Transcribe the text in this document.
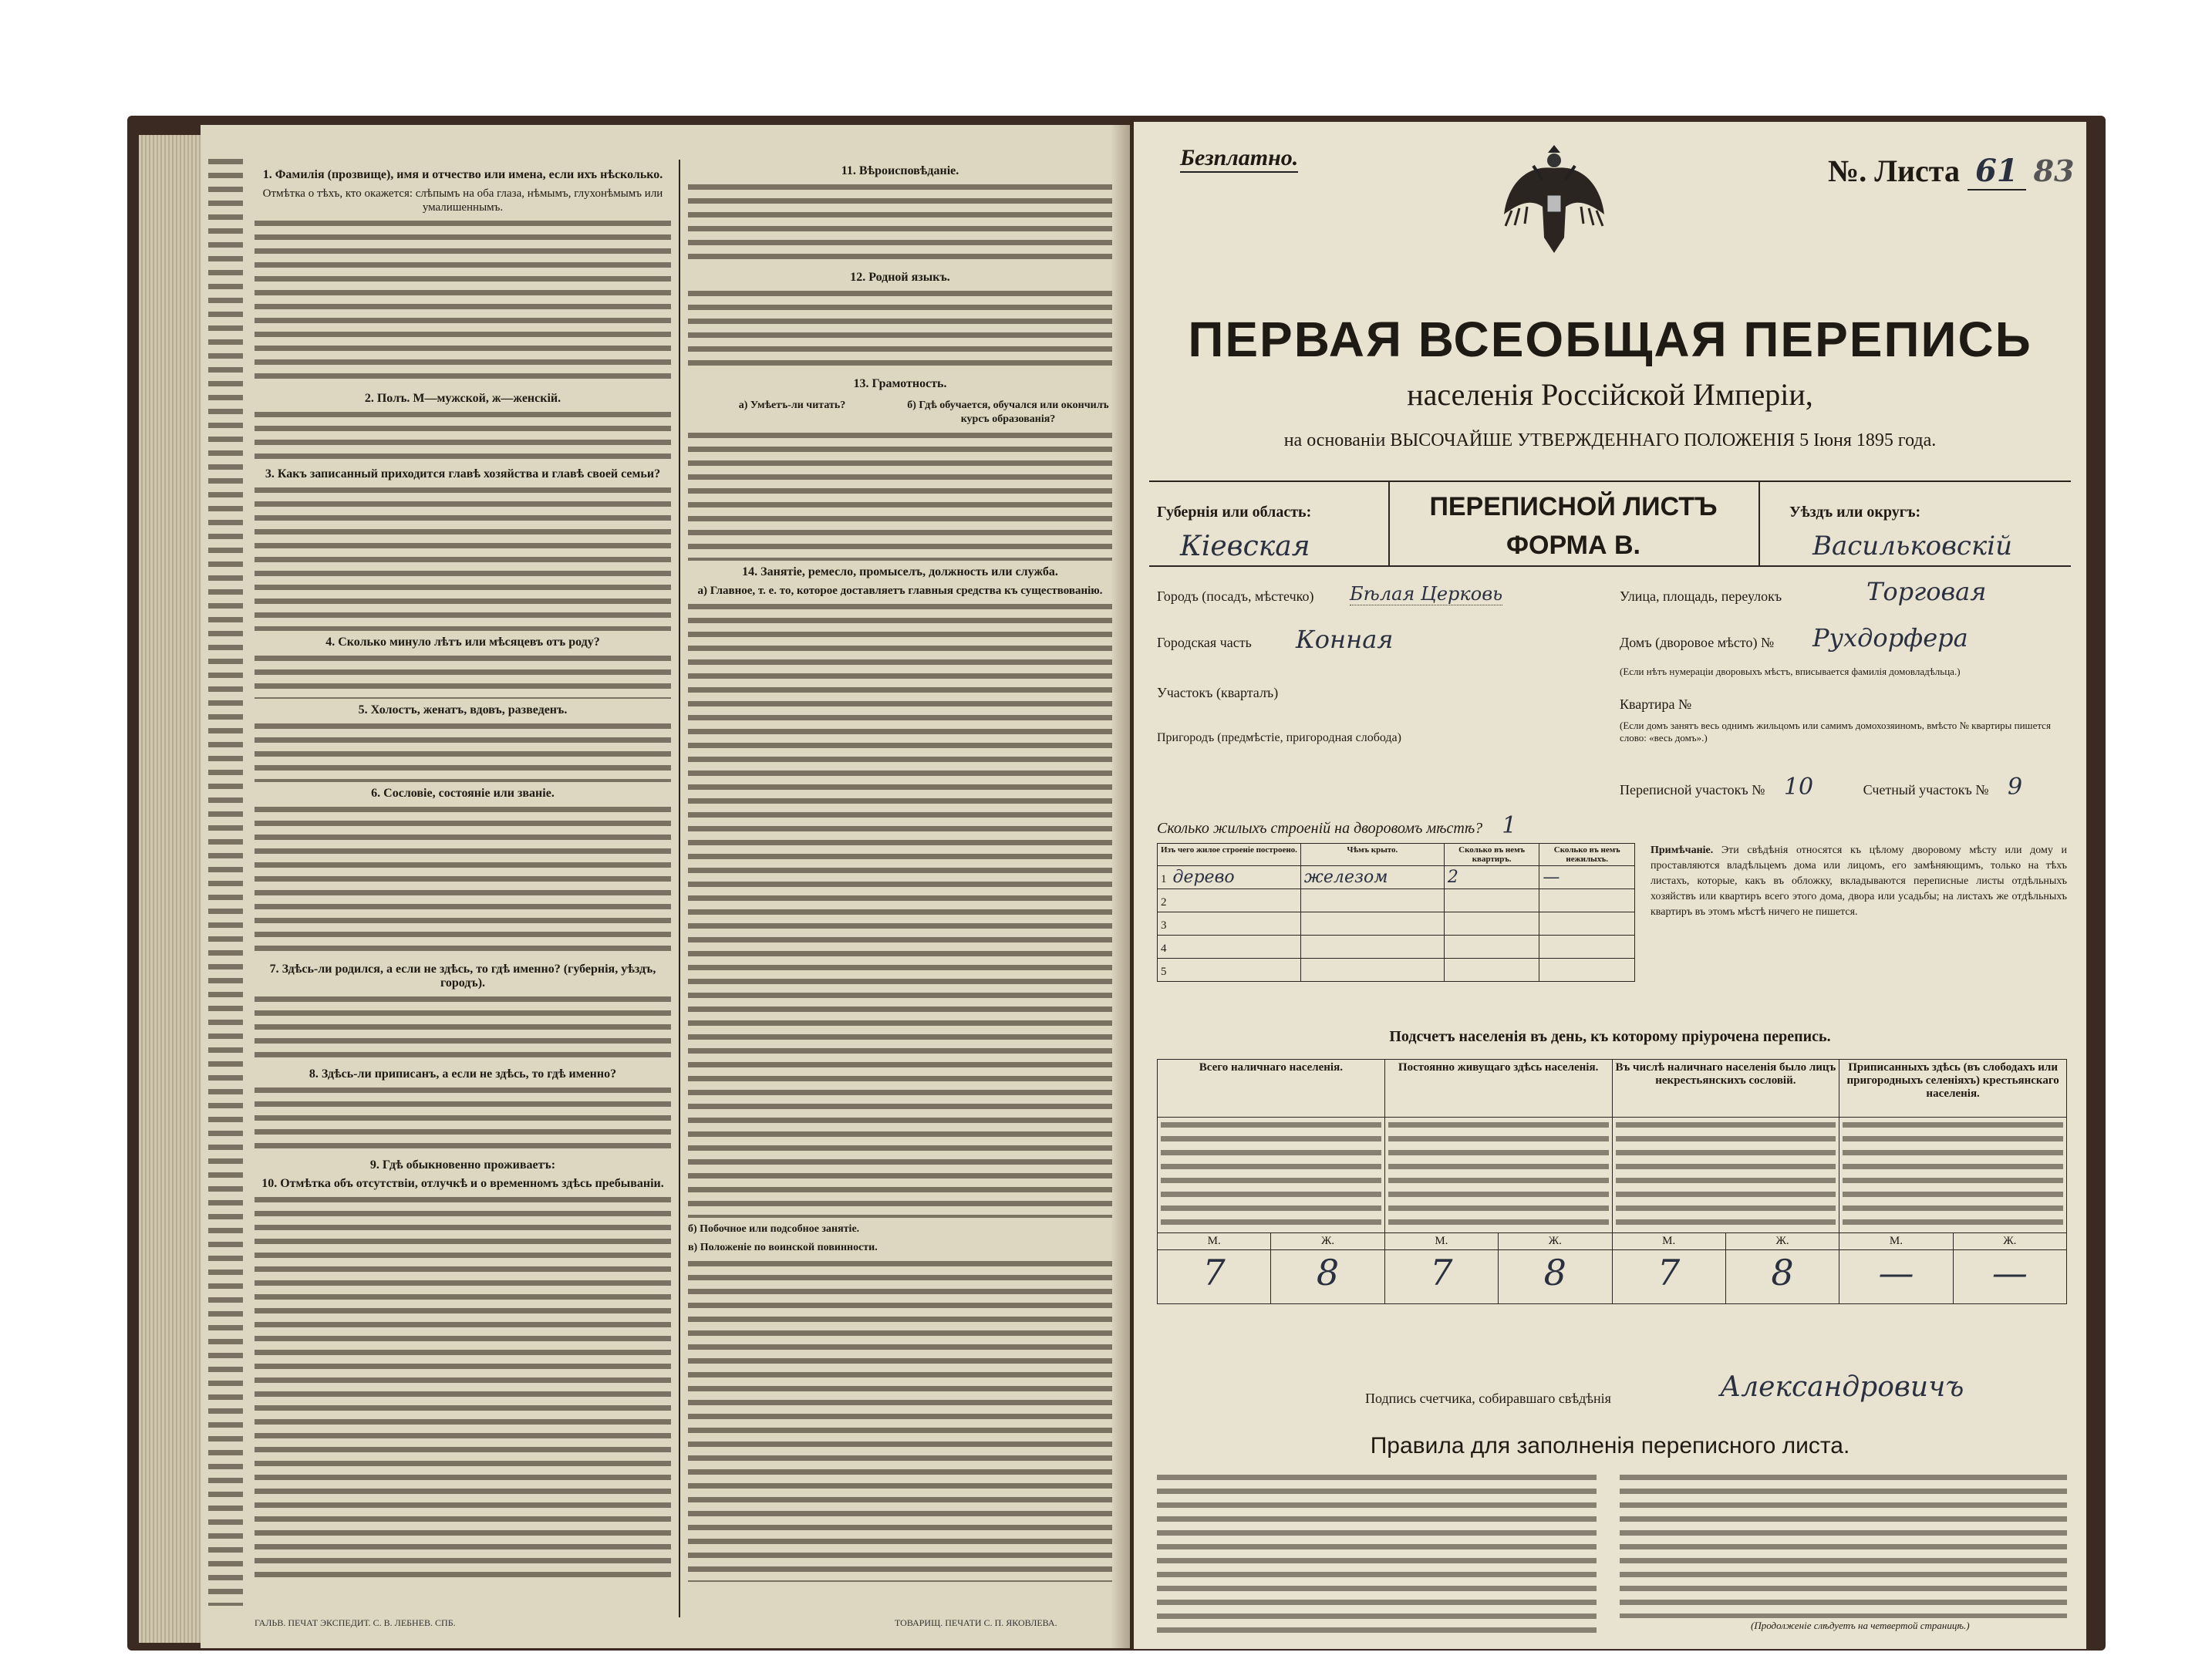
1. Фамилія (прозвище), имя и отчество или имена, если ихъ нѣсколько.
Отмѣтка о тѣхъ, кто окажется: слѣпымъ на оба глаза, нѣмымъ, глухонѣмымъ или умалишеннымъ.
2. Полъ. М—мужской, ж—женскій.
3. Какъ записанный приходится главѣ хозяйства и главѣ своей семьи?
4. Сколько минуло лѣтъ или мѣсяцевъ отъ роду?
5. Холостъ, женатъ, вдовъ, разведенъ.
6. Сословіе, состояніе или званіе.
7. Здѣсь-ли родился, а если не здѣсь, то гдѣ именно? (губернія, уѣздъ, городъ).
8. Здѣсь-ли приписанъ, а если не здѣсь, то гдѣ именно?
9. Гдѣ обыкновенно проживаетъ:
10. Отмѣтка объ отсутствіи, отлучкѣ и о временномъ здѣсь пребываніи.
11. Вѣроисповѣданіе.
12. Родной языкъ.
13. Грамотность.
а) Умѣетъ-ли читать?	б) Гдѣ обучается, обучался или окончилъ курсъ образованія?
14. Занятіе, ремесло, промыселъ, должность или служба.
а) Главное, т. е. то, которое доставляетъ главныя средства къ существованію.
б) Побочное или подсобное занятіе.
в) Положеніе по воинской повинности.
ГАЛЬВ. ПЕЧАТ ЭКСПЕДИТ. С. В. ЛЕБНЕВ. СПБ.	ТОВАРИЩ. ПЕЧАТИ С. П. ЯКОВЛЕВА.
Безплатно.	№. Листа 61 83
ПЕРВАЯ ВСЕОБЩАЯ ПЕРЕПИСЬ
населенія Россійской Имперіи,
на основаніи ВЫСОЧАЙШЕ УТВЕРЖДЕННАГО ПОЛОЖЕНІЯ 5 Іюня 1895 года.
Губернія или область:
Кіевская
ПЕРЕПИСНОЙ ЛИСТЪ
ФОРМА В.
Уѣздъ или округъ:
Васильковскій
Городъ (посадъ, мѣстечко) Бѣлая Церковь	Улица, площадь, переулокъ	Торговая
Городская часть Конная	Домъ (дворовое мѣсто) № Рухдорфера
(Если нѣтъ нумераціи дворовыхъ мѣстъ, вписывается фамилія домовладѣльца.)
Участокъ (кварталъ)
Квартира №
(Если домъ занятъ весь однимъ жильцомъ или самимъ домохозяиномъ, вмѣсто № квартиры пишется слово: «весь домъ».)
Пригородъ (предмѣстіе, пригородная слобода)
Переписной участокъ № 10	Счетный участокъ № 9
Сколько жилыхъ строеній на дворовомъ мѣстѣ? 1
Изъ чего жилое строеніе построено.	Чѣмъ крыто.	Сколько въ немъ квартиръ.	Сколько въ немъ нежилыхъ.
1 дерево	железом	2	—
2			
3			
4			
5			
Примѣчаніе. Эти свѣдѣнія относятся къ цѣлому дворовому мѣсту или дому и проставляются владѣльцемъ дома или лицомъ, его замѣняющимъ, только на тѣхъ листахъ, которые, какъ въ обложку, вкладываются переписные листы отдѣльныхъ хозяйствъ или квартиръ всего этого дома, двора или усадьбы; на листахъ же отдѣльныхъ квартиръ въ этомъ мѣстѣ ничего не пишется.
Подсчетъ населенія въ день, къ которому пріурочена перепись.
Всего наличнаго населенія.		Постоянно живущаго здѣсь населенія.		Въ числѣ наличнаго населенія было лицъ некрестьянскихъ сословій.		Приписанныхъ здѣсь (въ слободахъ или пригородныхъ селеніяхъ) крестьянскаго населенія.	

М.	Ж.	М.	Ж.	М.	Ж.	М.	Ж.
7	8	7	8	7	8	—	—
Подпись счетчика, собиравшаго свѣдѣнія	Александровичъ
Правила для заполненія переписного листа.
(Продолженіе слѣдуетъ на четвертой страницѣ.)
